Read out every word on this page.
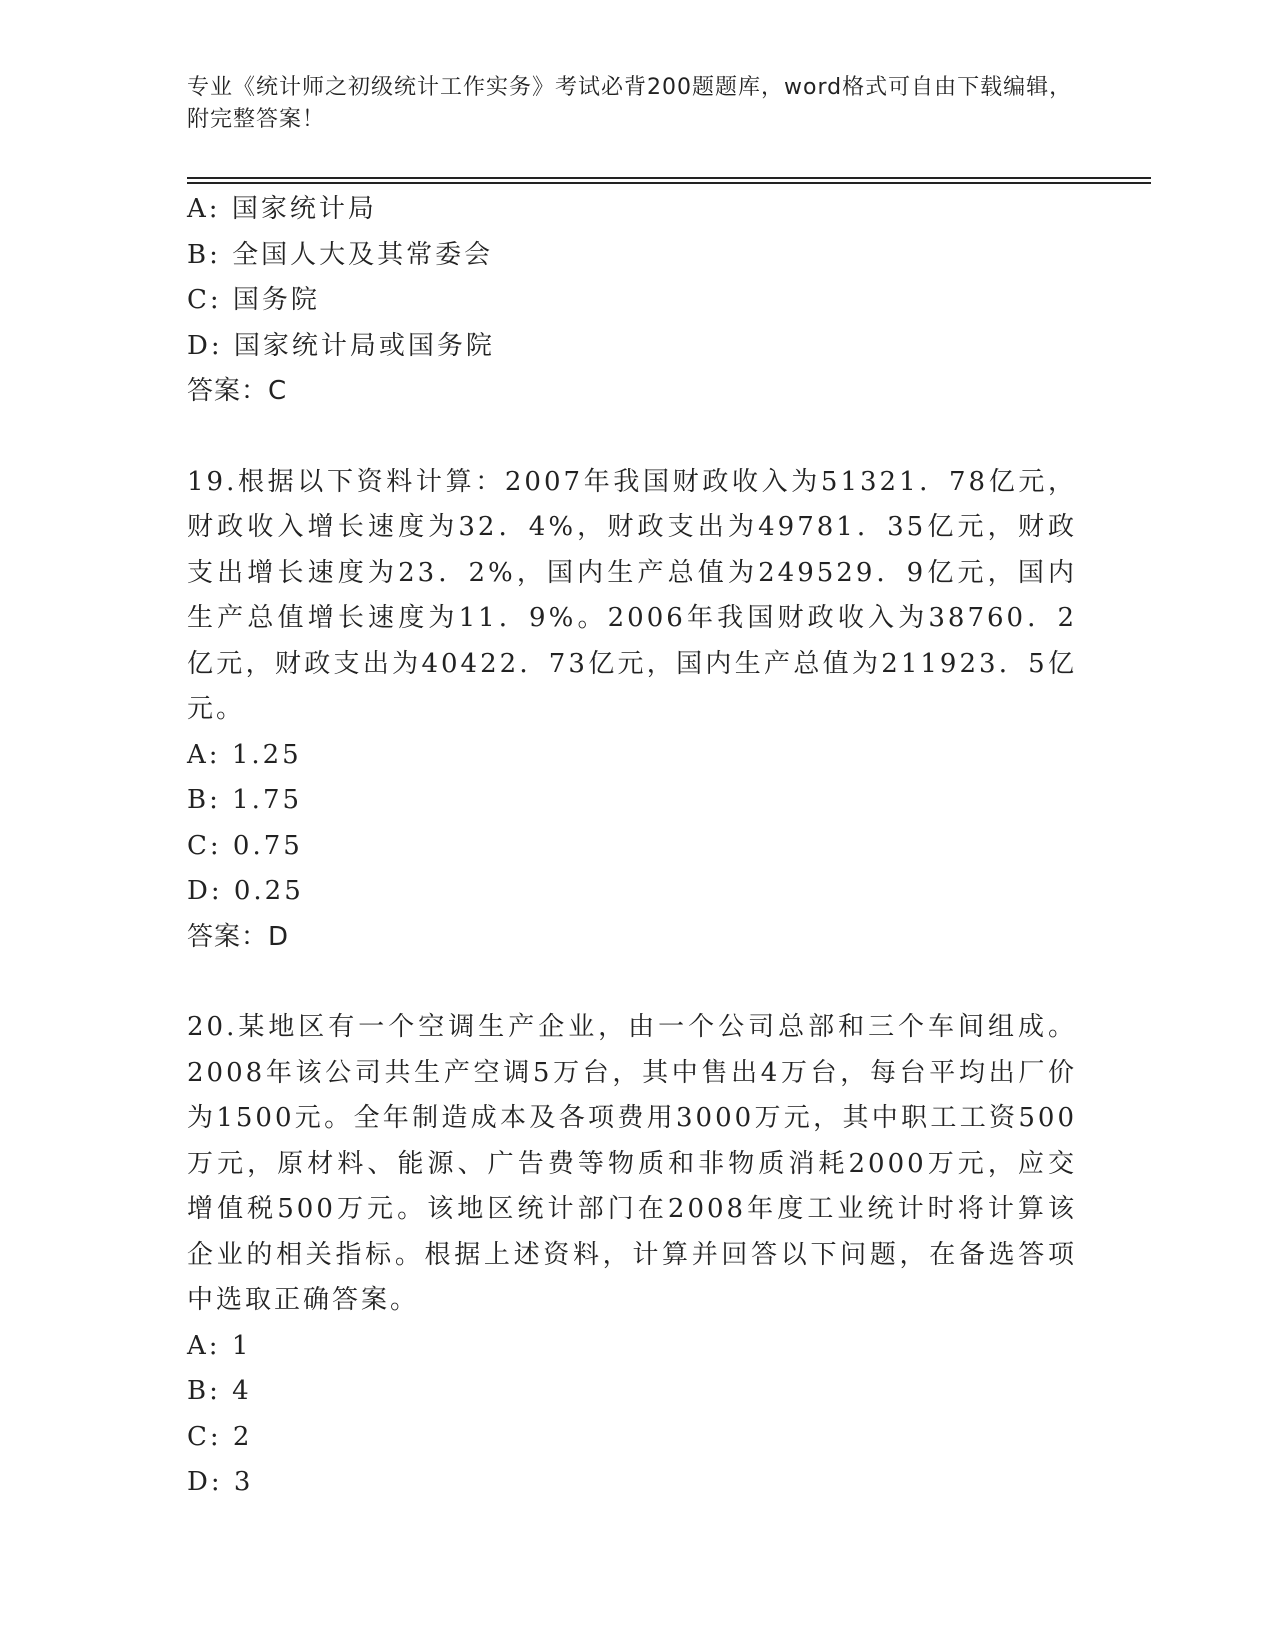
专业《统计师之初级统计工作实务》考试必背200题题库，word格式可自由下载编辑，附完整答案！
A: 国家统计局
B: 全国人大及其常委会
C: 国务院
D: 国家统计局或国务院
答案：C
19.根据以下资料计算：2007年我国财政收入为51321．78亿元，财政收入增长速度为32．4%，财政支出为49781．35亿元，财政支出增长速度为23．2%，国内生产总值为249529．9亿元，国内生产总值增长速度为11．9%。2006年我国财政收入为38760．2亿元，财政支出为40422．73亿元，国内生产总值为211923．5亿元。
A: 1.25
B: 1.75
C: 0.75
D: 0.25
答案：D
20.某地区有一个空调生产企业，由一个公司总部和三个车间组成。2008年该公司共生产空调5万台，其中售出4万台，每台平均出厂价为1500元。全年制造成本及各项费用3000万元，其中职工工资500万元，原材料、能源、广告费等物质和非物质消耗2000万元，应交增值税500万元。该地区统计部门在2008年度工业统计时将计算该企业的相关指标。根据上述资料，计算并回答以下问题，在备选答项中选取正确答案。
A: 1
B: 4
C: 2
D: 3
